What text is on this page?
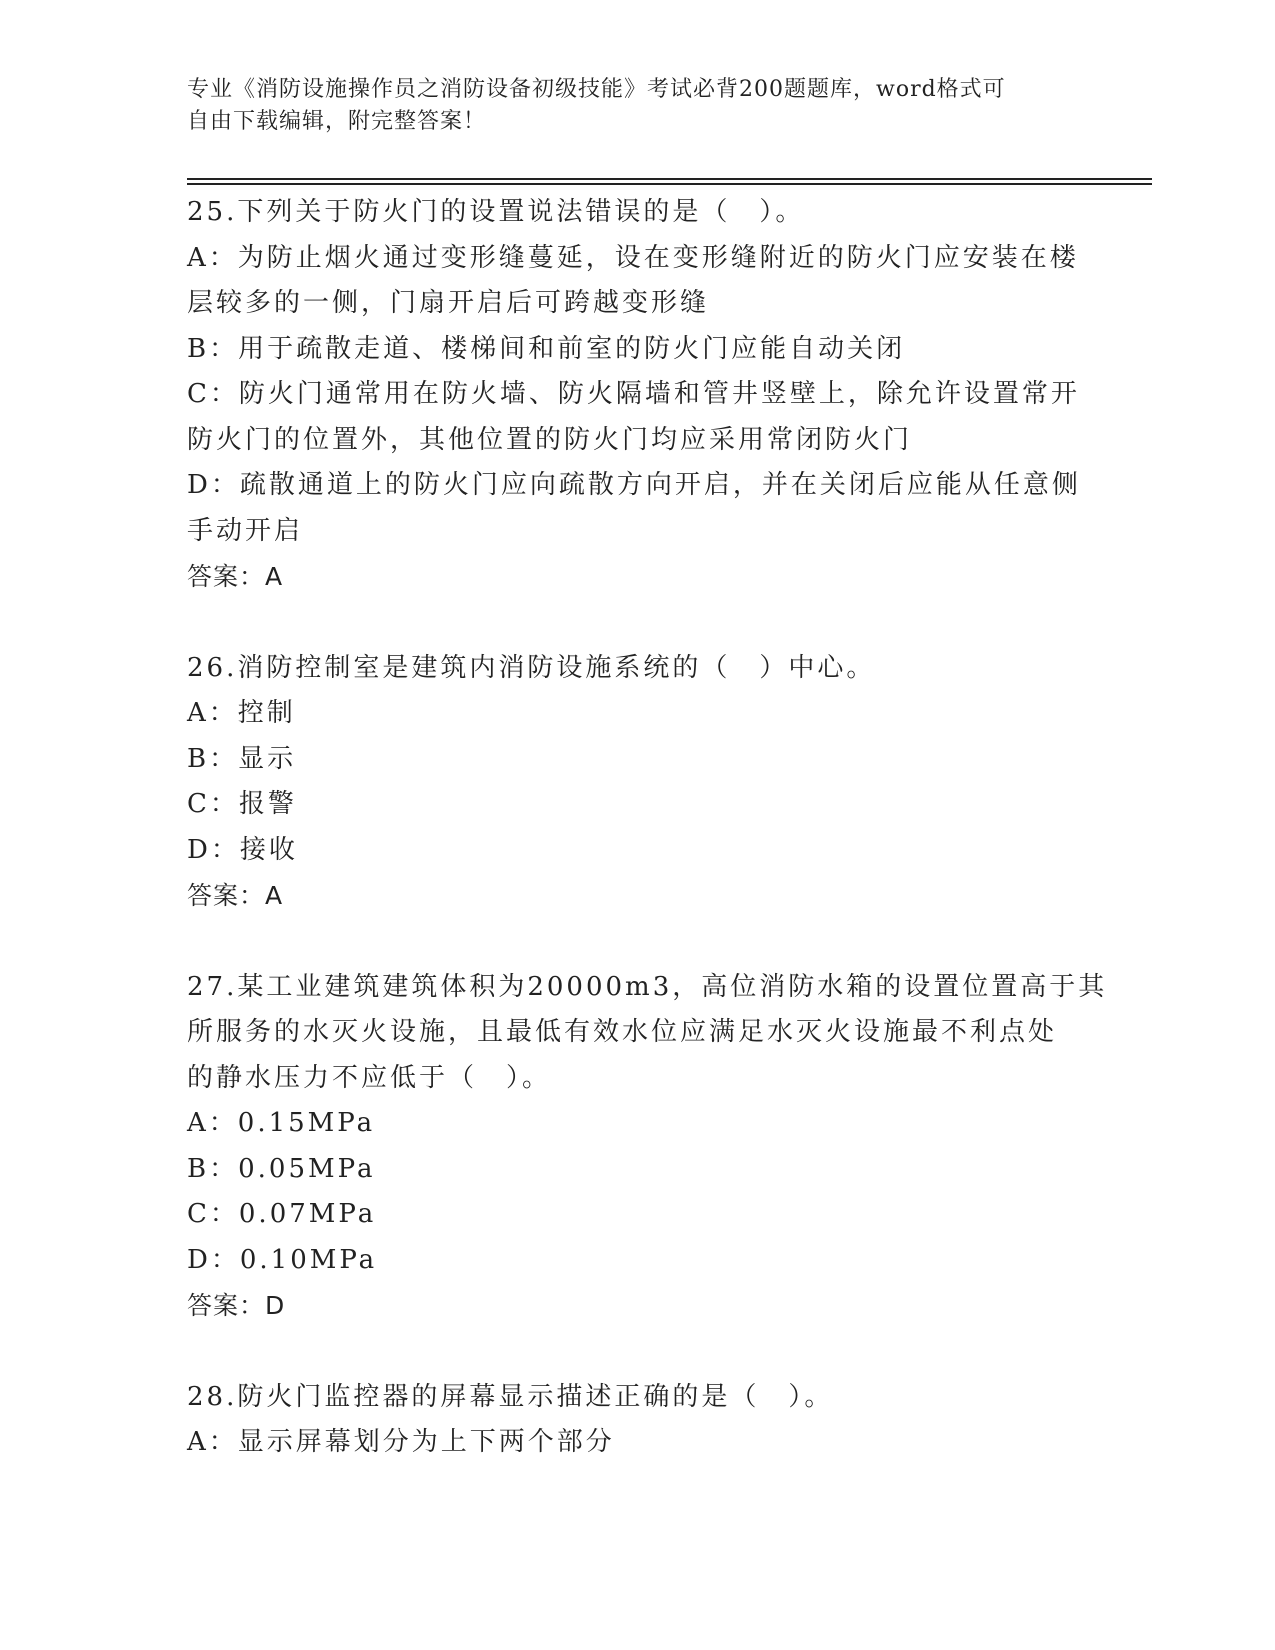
专业《消防设施操作员之消防设备初级技能》考试必背200题题库，word格式可
自由下载编辑，附完整答案！

25.下列关于防火门的设置说法错误的是（　）。

A：为防止烟火通过变形缝蔓延，设在变形缝附近的防火门应安装在楼

层较多的一侧，门扇开启后可跨越变形缝

B：用于疏散走道、楼梯间和前室的防火门应能自动关闭

C：防火门通常用在防火墙、防火隔墙和管井竖壁上，除允许设置常开

防火门的位置外，其他位置的防火门均应采用常闭防火门

D：疏散通道上的防火门应向疏散方向开启，并在关闭后应能从任意侧

手动开启

答案：A

26.消防控制室是建筑内消防设施系统的（　）中心。

A：控制

B：显示

C：报警

D：接收

答案：A

27.某工业建筑建筑体积为20000m3，高位消防水箱的设置位置高于其

所服务的水灭火设施，且最低有效水位应满足水灭火设施最不利点处

的静水压力不应低于（　）。

A：0.15MPa

B：0.05MPa

C：0.07MPa

D：0.10MPa

答案：D

28.防火门监控器的屏幕显示描述正确的是（　）。

A：显示屏幕划分为上下两个部分
